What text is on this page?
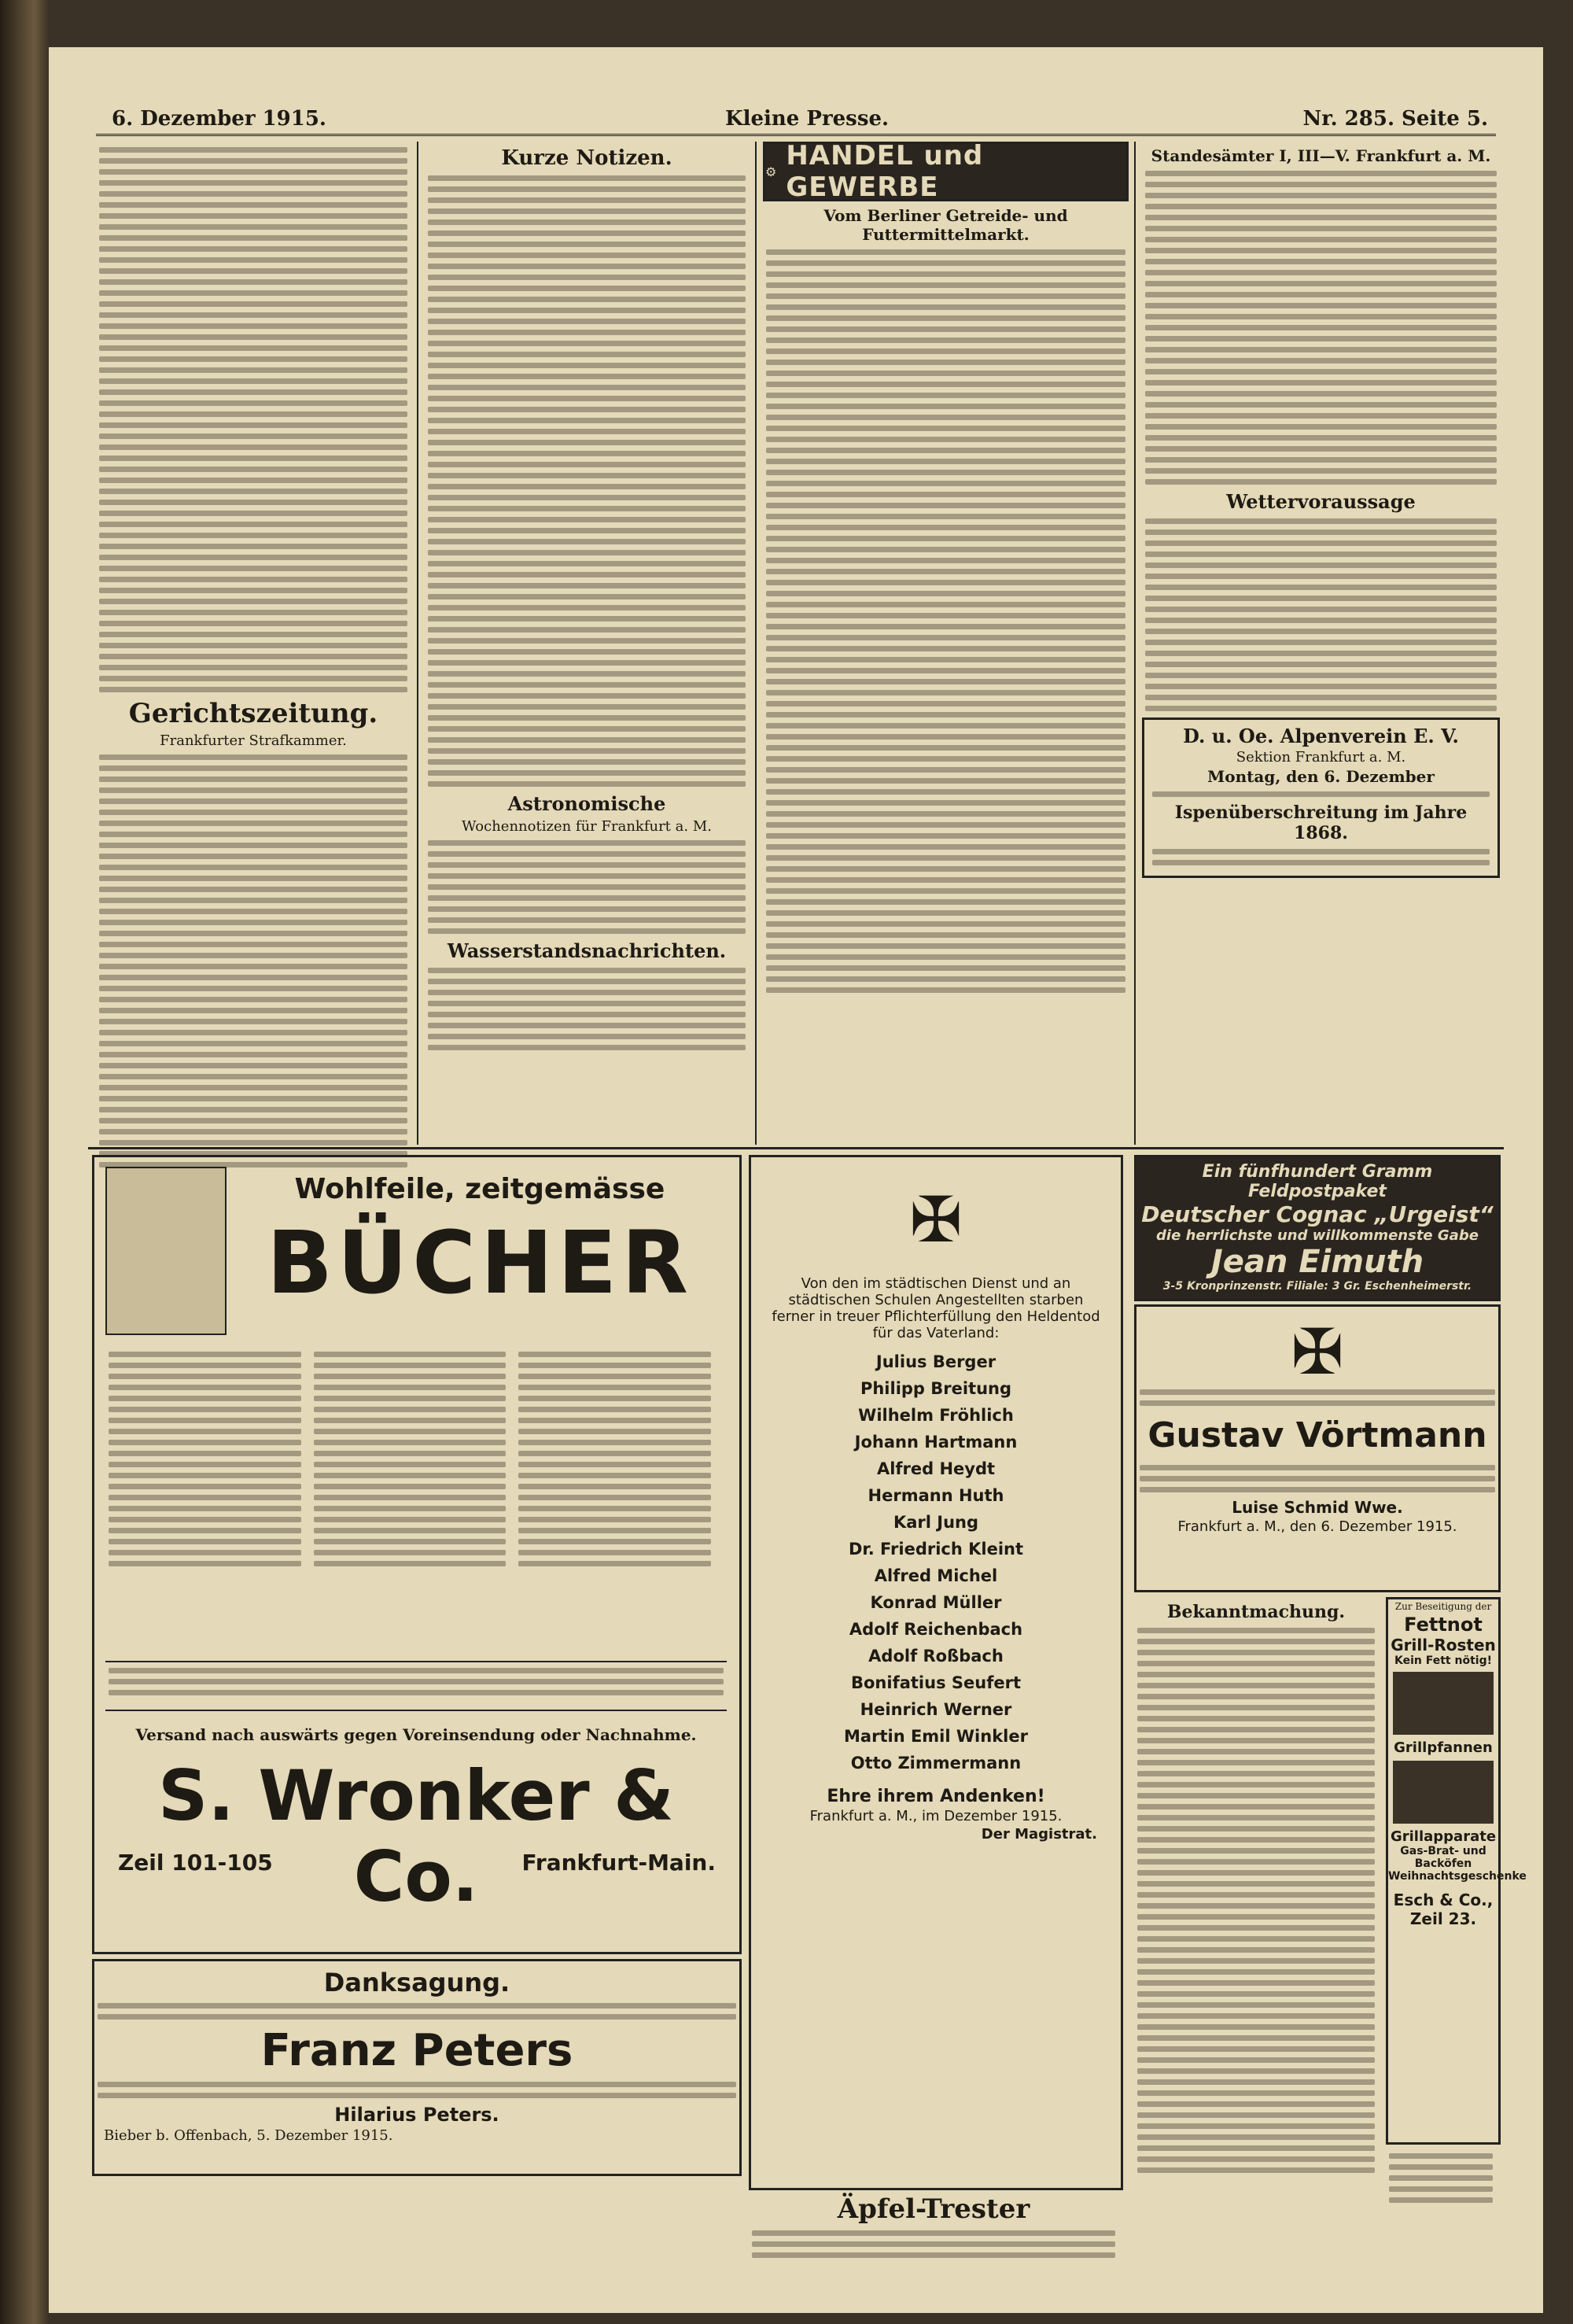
6. Dezember 1915.	Kleine Presse.	Nr. 285. Seite 5.
Gerichtszeitung.
Frankfurter Strafkammer.
Kurze Notizen.
Astronomische
Wochennotizen für Frankfurt a. M.
Wasserstandsnachrichten.
⚙ HANDEL und GEWERBE
Vom Berliner Getreide- und Futtermittelmarkt.
Standesämter I, III—V. Frankfurt a. M.
Wettervoraussage
D. u. Oe. Alpenverein E. V.
Sektion Frankfurt a. M.
Montag, den 6. Dezember
Ispenüberschreitung im Jahre 1868.
Wohlfeile, zeitgemässe
BÜCHER
Versand nach auswärts gegen Voreinsendung oder Nachnahme.
S. Wronker & Co.
Zeil 101-105	Frankfurt-Main.
Danksagung.
Franz Peters
Hilarius Peters.
Bieber b. Offenbach, 5. Dezember 1915.
✠
Von den im städtischen Dienst und an städtischen Schulen Angestellten starben ferner in treuer Pflichterfüllung den Heldentod für das Vaterland:
Julius Berger
Philipp Breitung
Wilhelm Fröhlich
Johann Hartmann
Alfred Heydt
Hermann Huth
Karl Jung
Dr. Friedrich Kleint
Alfred Michel
Konrad Müller
Adolf Reichenbach
Adolf Roßbach
Bonifatius Seufert
Heinrich Werner
Martin Emil Winkler
Otto Zimmermann
Ehre ihrem Andenken!
Frankfurt a. M., im Dezember 1915.
Der Magistrat.
Äpfel-Trester
Ein fünfhundert Gramm Feldpostpaket
Deutscher Cognac „Urgeist“
die herrlichste und willkommenste Gabe
Jean Eimuth
3-5 Kronprinzenstr. Filiale: 3 Gr. Eschenheimerstr.
✠
Gustav Vörtmann
Luise Schmid Wwe.
Frankfurt a. M., den 6. Dezember 1915.
Bekanntmachung.	Zur Beseitigung der
Fettnot
Grill-Rosten
Kein Fett nötig!
Grillpfannen
Grillapparate
Gas-Brat- und Backöfen
Weihnachtsgeschenke
Esch & Co.,
Zeil 23.
